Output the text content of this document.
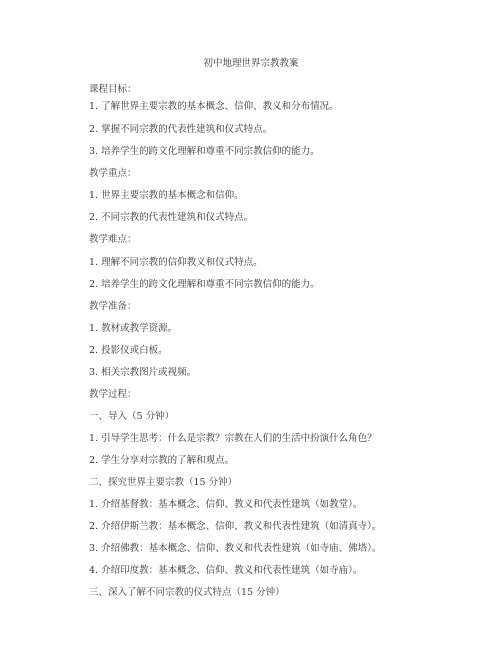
初中地理世界宗教教案
课程目标：
1. 了解世界主要宗教的基本概念、信仰、教义和分布情况。
2. 掌握不同宗教的代表性建筑和仪式特点。
3. 培养学生的跨文化理解和尊重不同宗教信仰的能力。
教学重点：
1. 世界主要宗教的基本概念和信仰。
2. 不同宗教的代表性建筑和仪式特点。
教学难点：
1. 理解不同宗教的信仰教义和仪式特点。
2. 培养学生的跨文化理解和尊重不同宗教信仰的能力。
教学准备：
1. 教材或教学资源。
2. 投影仪或白板。
3. 相关宗教图片或视频。
教学过程：
一、导入（5 分钟）
1. 引导学生思考：什么是宗教？宗教在人们的生活中扮演什么角色？
2. 学生分享对宗教的了解和观点。
二、探究世界主要宗教（15 分钟）
1. 介绍基督教：基本概念、信仰、教义和代表性建筑（如教堂）。
2. 介绍伊斯兰教：基本概念、信仰、教义和代表性建筑（如清真寺）。
3. 介绍佛教：基本概念、信仰、教义和代表性建筑（如寺庙、佛塔）。
4. 介绍印度教：基本概念、信仰、教义和代表性建筑（如寺庙）。
三、深入了解不同宗教的仪式特点（15 分钟）
